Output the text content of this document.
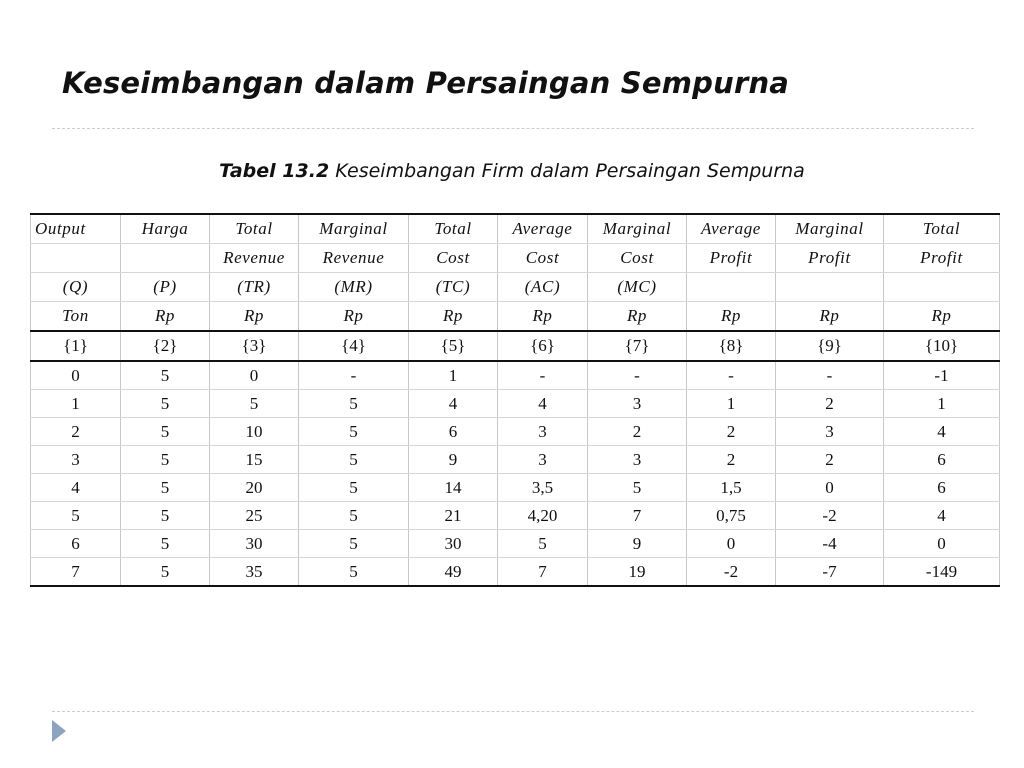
Keseimbangan dalam Persaingan Sempurna
Tabel 13.2 Keseimbangan Firm dalam Persaingan Sempurna
Output	Harga	Total	Marginal	Total	Average	Marginal	Average	Marginal	Total
		Revenue	Revenue	Cost	Cost	Cost	Profit	Profit	Profit
(Q)	(P)	(TR)	(MR)	(TC)	(AC)	(MC)			
Ton	Rp	Rp	Rp	Rp	Rp	Rp	Rp	Rp	Rp
{1}	{2}	{3}	{4}	{5}	{6}	{7}	{8}	{9}	{10}
0	5	0	-	1	-	-	-	-	-1
1	5	5	5	4	4	3	1	2	1
2	5	10	5	6	3	2	2	3	4
3	5	15	5	9	3	3	2	2	6
4	5	20	5	14	3,5	5	1,5	0	6
5	5	25	5	21	4,20	7	0,75	-2	4
6	5	30	5	30	5	9	0	-4	0
7	5	35	5	49	7	19	-2	-7	-149
